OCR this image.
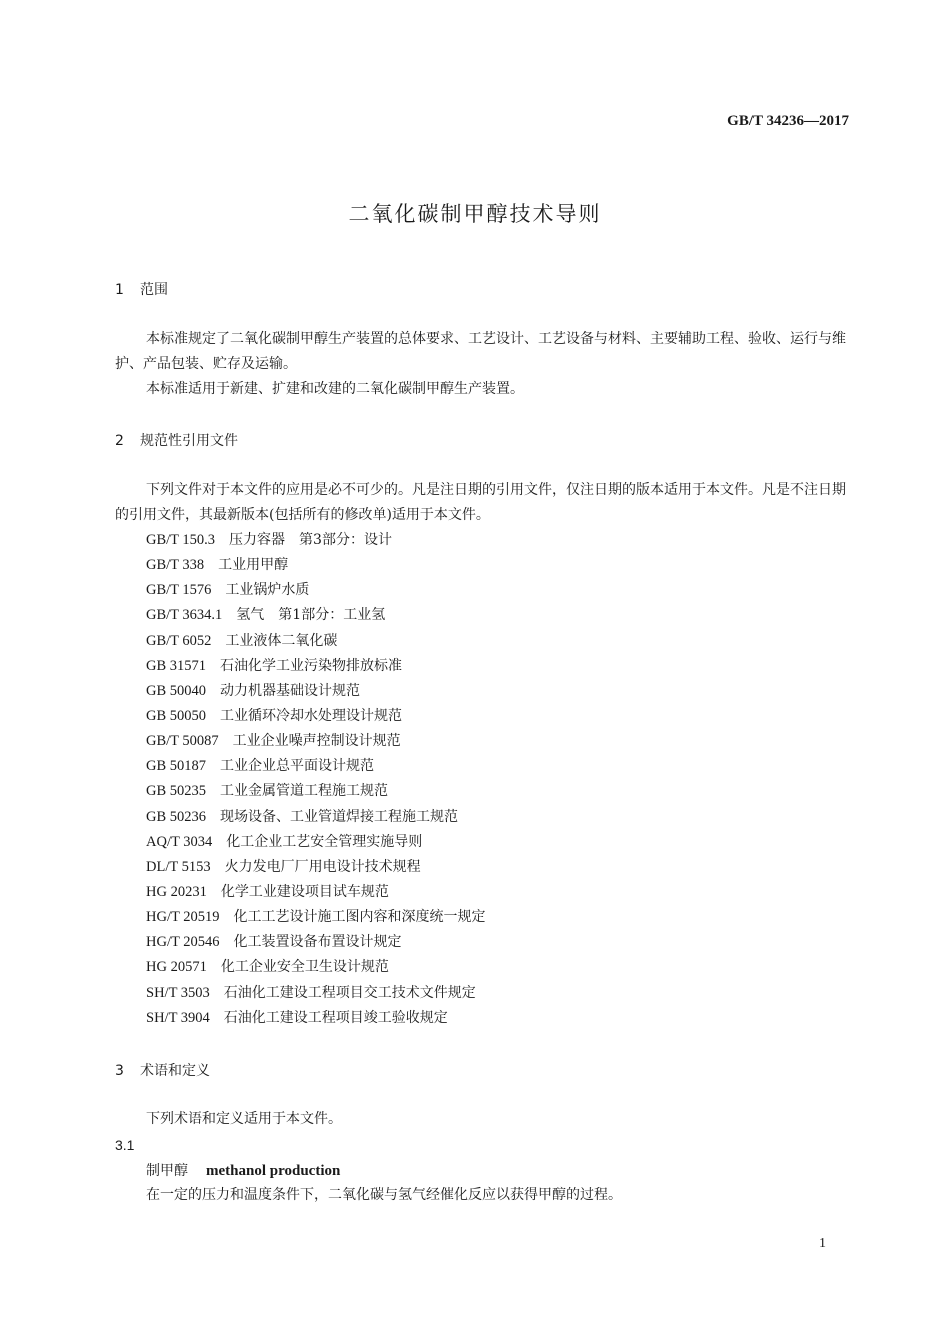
GB/T 34236—2017
二氧化碳制甲醇技术导则
1 范围
本标准规定了二氧化碳制甲醇生产装置的总体要求、工艺设计、工艺设备与材料、主要辅助工程、验收、运行与维护、产品包装、贮存及运输。
本标准适用于新建、扩建和改建的二氧化碳制甲醇生产装置。
2 规范性引用文件
下列文件对于本文件的应用是必不可少的。凡是注日期的引用文件，仅注日期的版本适用于本文件。凡是不注日期的引用文件，其最新版本(包括所有的修改单)适用于本文件。
GB/T 150.3 压力容器　第3部分：设计
GB/T 338 工业用甲醇
GB/T 1576 工业锅炉水质
GB/T 3634.1 氢气　第1部分：工业氢
GB/T 6052 工业液体二氧化碳
GB 31571 石油化学工业污染物排放标准
GB 50040 动力机器基础设计规范
GB 50050 工业循环冷却水处理设计规范
GB/T 50087 工业企业噪声控制设计规范
GB 50187 工业企业总平面设计规范
GB 50235 工业金属管道工程施工规范
GB 50236 现场设备、工业管道焊接工程施工规范
AQ/T 3034 化工企业工艺安全管理实施导则
DL/T 5153 火力发电厂厂用电设计技术规程
HG 20231 化学工业建设项目试车规范
HG/T 20519 化工工艺设计施工图内容和深度统一规定
HG/T 20546 化工装置设备布置设计规定
HG 20571 化工企业安全卫生设计规范
SH/T 3503 石油化工建设工程项目交工技术文件规定
SH/T 3904 石油化工建设工程项目竣工验收规定
3 术语和定义
下列术语和定义适用于本文件。
3.1
制甲醇 methanol production
在一定的压力和温度条件下，二氧化碳与氢气经催化反应以获得甲醇的过程。
1
